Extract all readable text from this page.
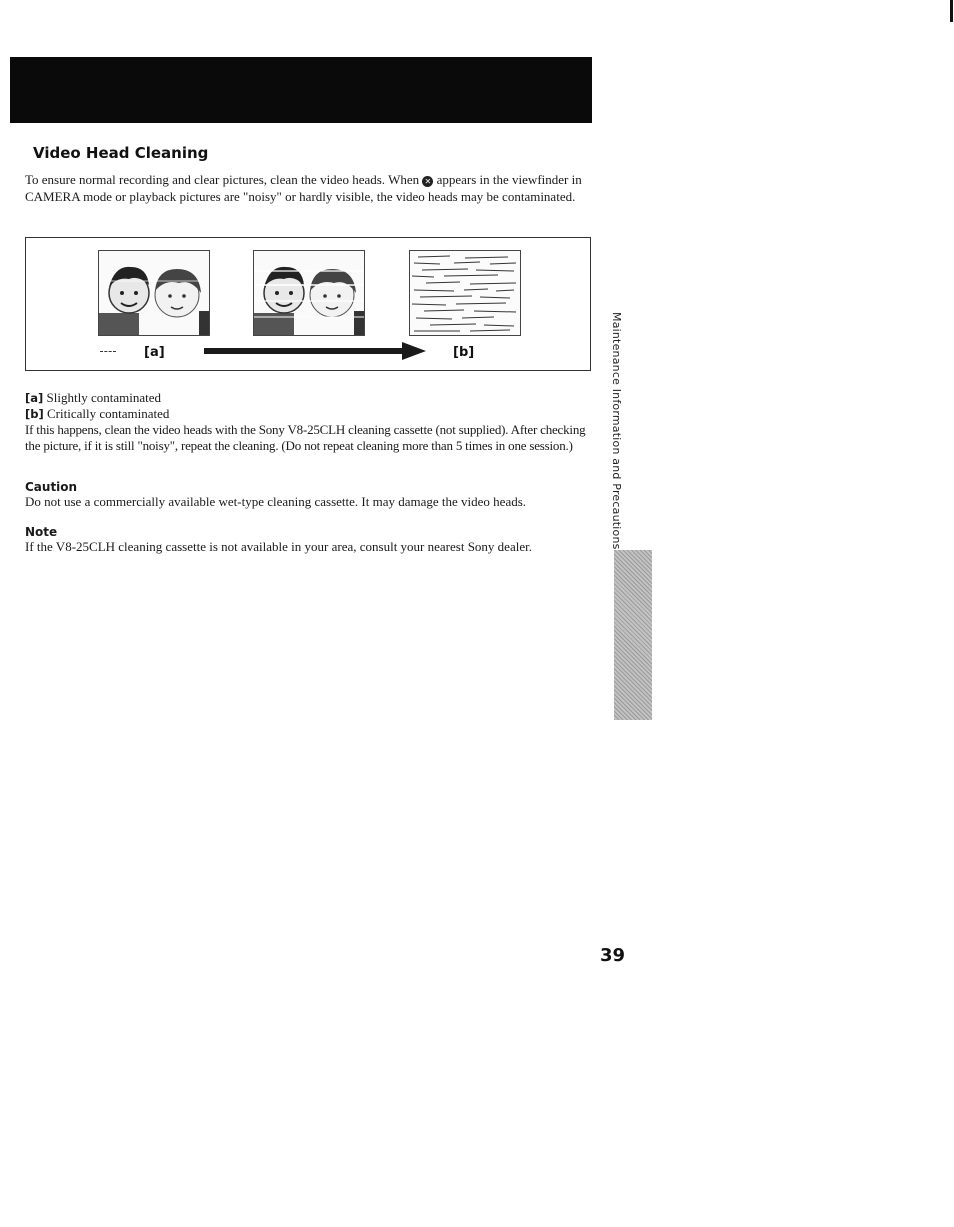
Video Head Cleaning

To ensure normal recording and clear pictures, clean the video heads. When ✕ appears in the viewfinder in CAMERA mode or playback pictures are "noisy" or hardly visible, the video heads may be contaminated.

[a]	[b]

[a] Slightly contaminated

[b] Critically contaminated

If this happens, clean the video heads with the Sony V8-25CLH cleaning cassette (not supplied). After checking the picture, if it is still "noisy", repeat the cleaning. (Do not repeat cleaning more than 5 times in one session.)

Caution

Do not use a commercially available wet-type cleaning cassette. It may damage the video heads.

Note

If the V8-25CLH cleaning cassette is not available in your area, consult your nearest Sony dealer.	Maintenance Information and Precautions
39
